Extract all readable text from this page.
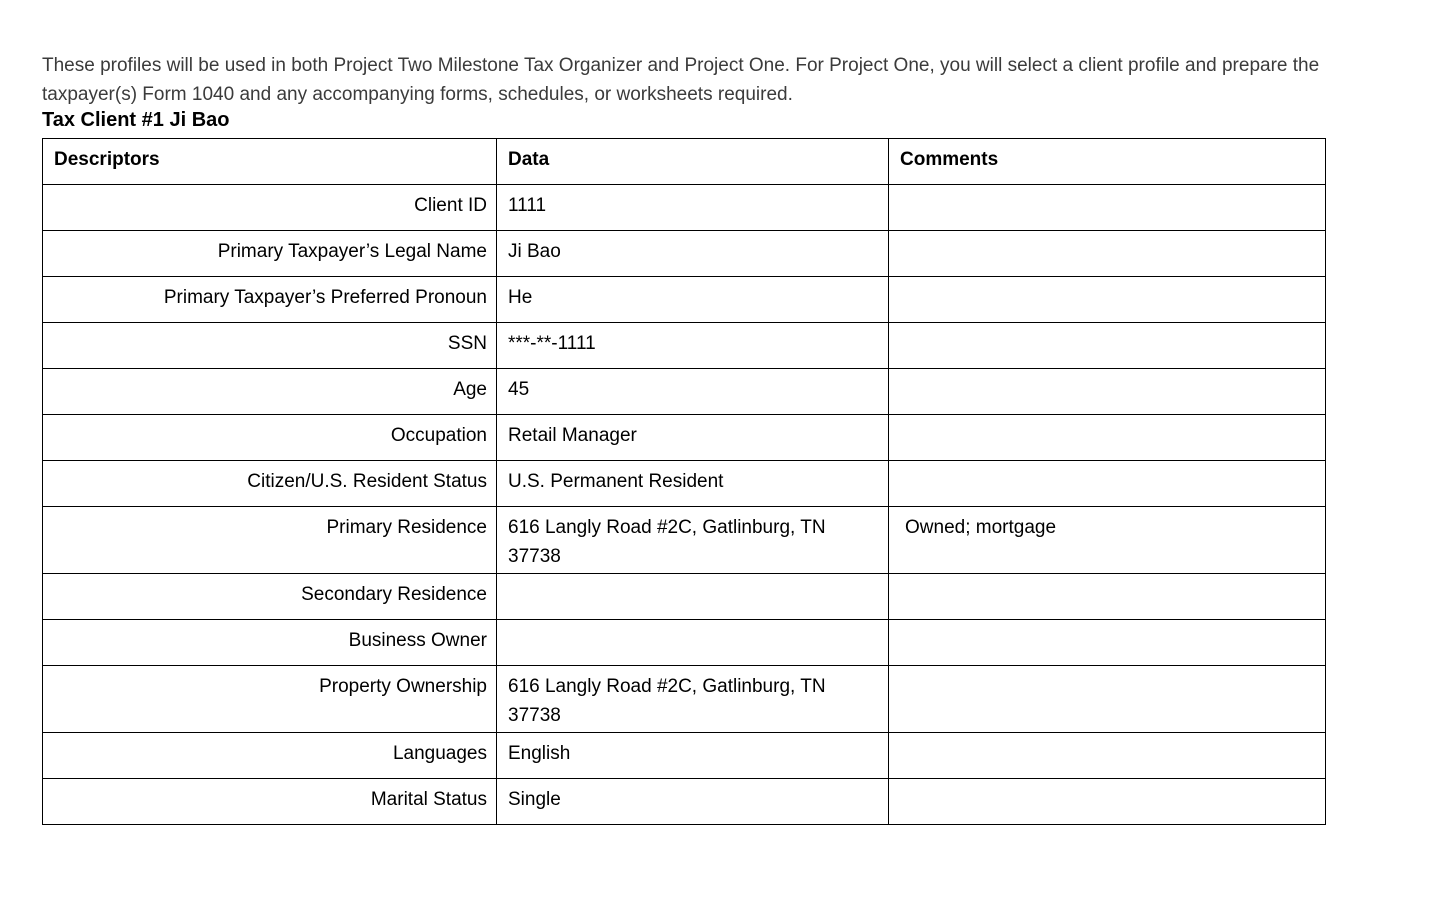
These profiles will be used in both Project Two Milestone Tax Organizer and Project One. For Project One, you will select a client profile and prepare the taxpayer(s) Form 1040 and any accompanying forms, schedules, or worksheets required.

Tax Client #1 Ji Bao
Descriptors	Data	Comments
Client ID	1111	
Primary Taxpayer’s Legal Name	Ji Bao	
Primary Taxpayer’s Preferred Pronoun	He	
SSN	***-**-1111	
Age	45	
Occupation	Retail Manager	
Citizen/U.S. Resident Status	U.S. Permanent Resident	
Primary Residence	616 Langly Road #2C, Gatlinburg, TN 37738	Owned; mortgage
Secondary Residence		
Business Owner		
Property Ownership	616 Langly Road #2C, Gatlinburg, TN 37738	
Languages	English	
Marital Status	Single	
